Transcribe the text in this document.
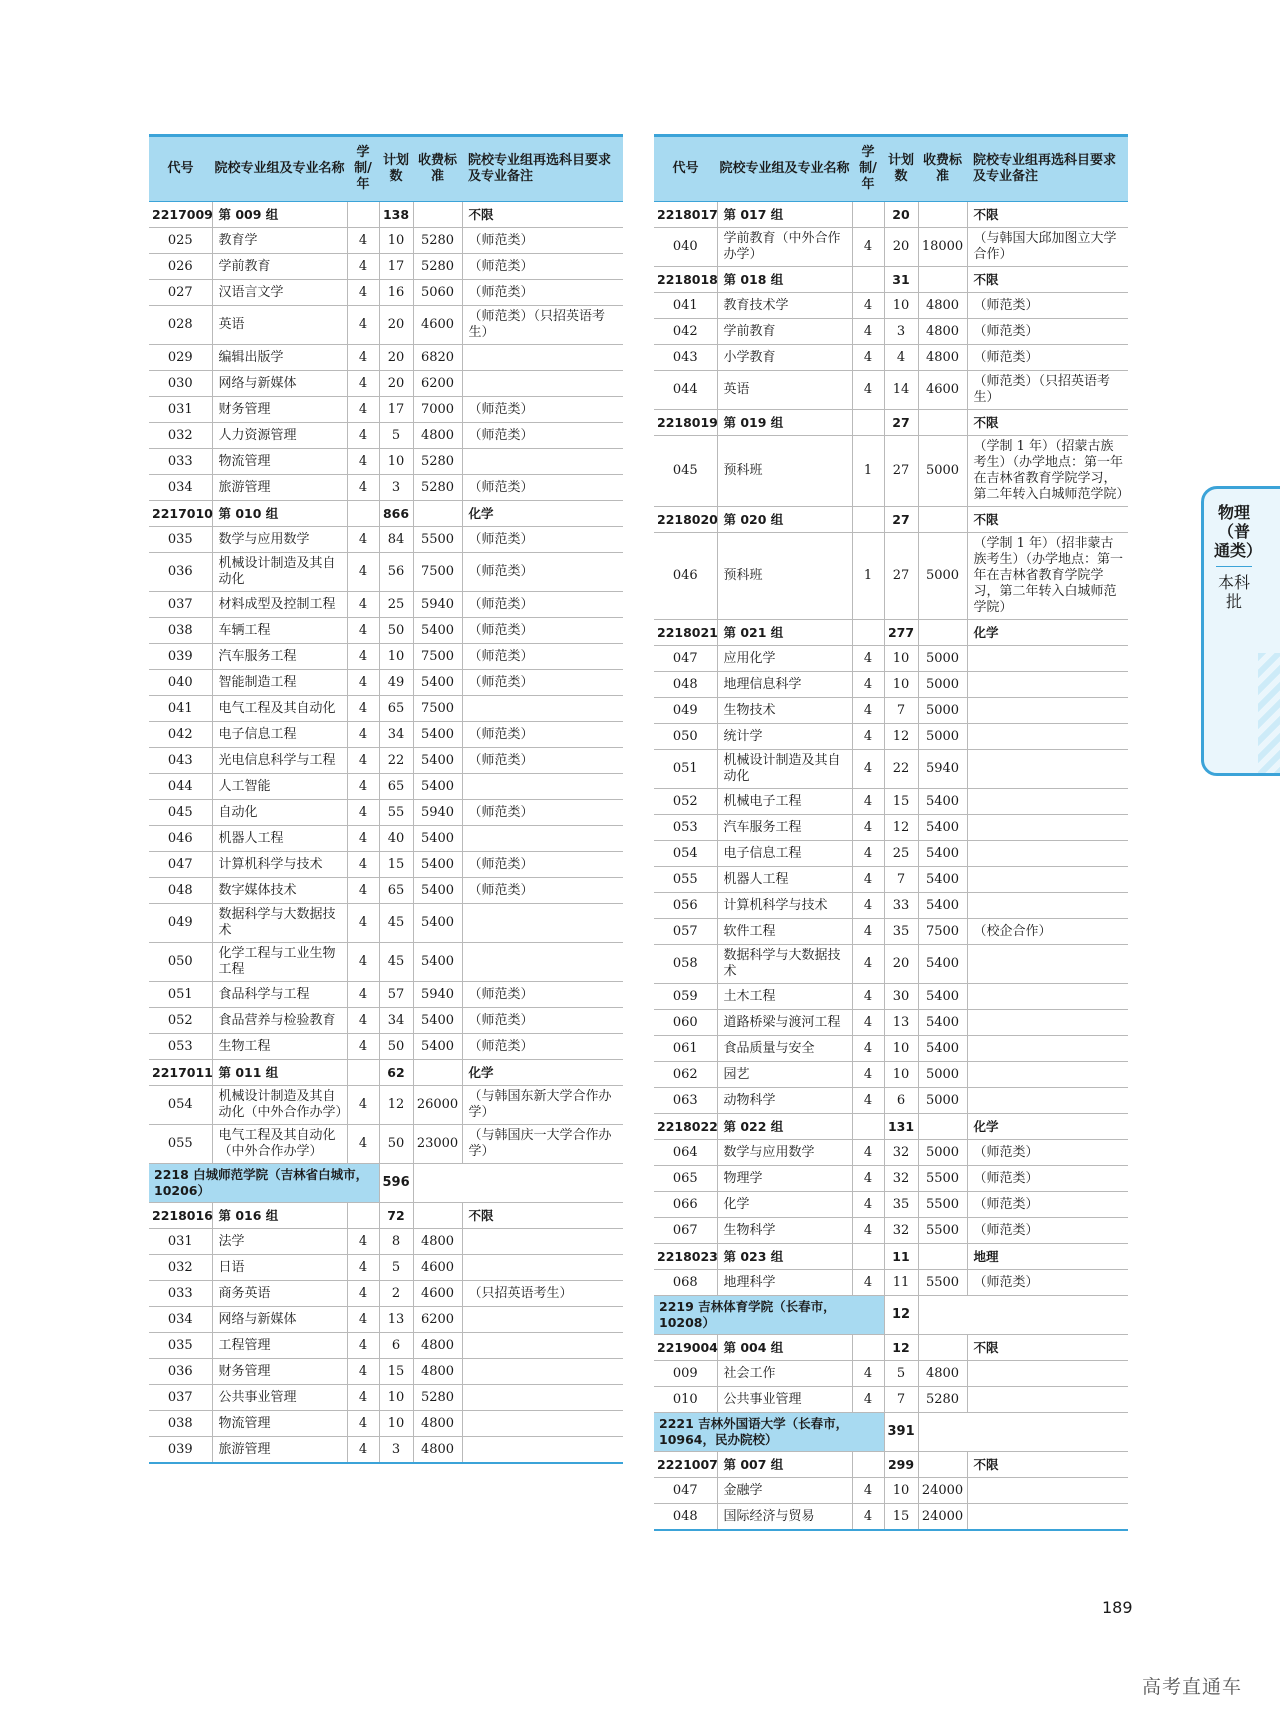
代号	院校专业组及专业名称	学制/年	计划数	收费标准	院校专业组再选科目要求及专业备注
2217009	第 009 组		138		不限
025	教育学	4	10	5280	（师范类）
026	学前教育	4	17	5280	（师范类）
027	汉语言文学	4	16	5060	（师范类）
028	英语	4	20	4600	（师范类）（只招英语考生）
029	编辑出版学	4	20	6820	
030	网络与新媒体	4	20	6200	
031	财务管理	4	17	7000	（师范类）
032	人力资源管理	4	5	4800	（师范类）
033	物流管理	4	10	5280	
034	旅游管理	4	3	5280	（师范类）
2217010	第 010 组		866		化学
035	数学与应用数学	4	84	5500	（师范类）
036	机械设计制造及其自动化	4	56	7500	（师范类）
037	材料成型及控制工程	4	25	5940	（师范类）
038	车辆工程	4	50	5400	（师范类）
039	汽车服务工程	4	10	7500	（师范类）
040	智能制造工程	4	49	5400	（师范类）
041	电气工程及其自动化	4	65	7500	
042	电子信息工程	4	34	5400	（师范类）
043	光电信息科学与工程	4	22	5400	（师范类）
044	人工智能	4	65	5400	
045	自动化	4	55	5940	（师范类）
046	机器人工程	4	40	5400	
047	计算机科学与技术	4	15	5400	（师范类）
048	数字媒体技术	4	65	5400	（师范类）
049	数据科学与大数据技术	4	45	5400	
050	化学工程与工业生物工程	4	45	5400	
051	食品科学与工程	4	57	5940	（师范类）
052	食品营养与检验教育	4	34	5400	（师范类）
053	生物工程	4	50	5400	（师范类）
2217011	第 011 组		62		化学
054	机械设计制造及其自动化（中外合作办学）	4	12	26000	（与韩国东新大学合作办学）
055	电气工程及其自动化（中外合作办学）	4	50	23000	（与韩国庆一大学合作办学）
2218 白城师范学院（吉林省白城市，10206）			596		
2218016	第 016 组		72		不限
031	法学	4	8	4800	
032	日语	4	5	4600	
033	商务英语	4	2	4600	（只招英语考生）
034	网络与新媒体	4	13	6200	
035	工程管理	4	6	4800	
036	财务管理	4	15	4800	
037	公共事业管理	4	10	5280	
038	物流管理	4	10	4800	
039	旅游管理	4	3	4800	
代号	院校专业组及专业名称	学制/年	计划数	收费标准	院校专业组再选科目要求及专业备注
2218017	第 017 组		20		不限
040	学前教育（中外合作办学）	4	20	18000	（与韩国大邱加图立大学合作）
2218018	第 018 组		31		不限
041	教育技术学	4	10	4800	（师范类）
042	学前教育	4	3	4800	（师范类）
043	小学教育	4	4	4800	（师范类）
044	英语	4	14	4600	（师范类）（只招英语考生）
2218019	第 019 组		27		不限
045	预科班	1	27	5000	（学制 1 年）（招蒙古族考生）（办学地点：第一年在吉林省教育学院学习，第二年转入白城师范学院）
2218020	第 020 组		27		不限
046	预科班	1	27	5000	（学制 1 年）（招非蒙古族考生）（办学地点：第一年在吉林省教育学院学习，第二年转入白城师范学院）
2218021	第 021 组		277		化学
047	应用化学	4	10	5000	
048	地理信息科学	4	10	5000	
049	生物技术	4	7	5000	
050	统计学	4	12	5000	
051	机械设计制造及其自动化	4	22	5940	
052	机械电子工程	4	15	5400	
053	汽车服务工程	4	12	5400	
054	电子信息工程	4	25	5400	
055	机器人工程	4	7	5400	
056	计算机科学与技术	4	33	5400	
057	软件工程	4	35	7500	（校企合作）
058	数据科学与大数据技术	4	20	5400	
059	土木工程	4	30	5400	
060	道路桥梁与渡河工程	4	13	5400	
061	食品质量与安全	4	10	5400	
062	园艺	4	10	5000	
063	动物科学	4	6	5000	
2218022	第 022 组		131		化学
064	数学与应用数学	4	32	5000	（师范类）
065	物理学	4	32	5500	（师范类）
066	化学	4	35	5500	（师范类）
067	生物科学	4	32	5500	（师范类）
2218023	第 023 组		11		地理
068	地理科学	4	11	5500	（师范类）
2219 吉林体育学院（长春市，10208）			12		
2219004	第 004 组		12		不限
009	社会工作	4	5	4800	
010	公共事业管理	4	7	5280	
2221 吉林外国语大学（长春市，10964，民办院校）			391		
2221007	第 007 组		299		不限
047	金融学	4	10	24000	
048	国际经济与贸易	4	15	24000	
物理（普通类）
本科批
189
高考直通车
